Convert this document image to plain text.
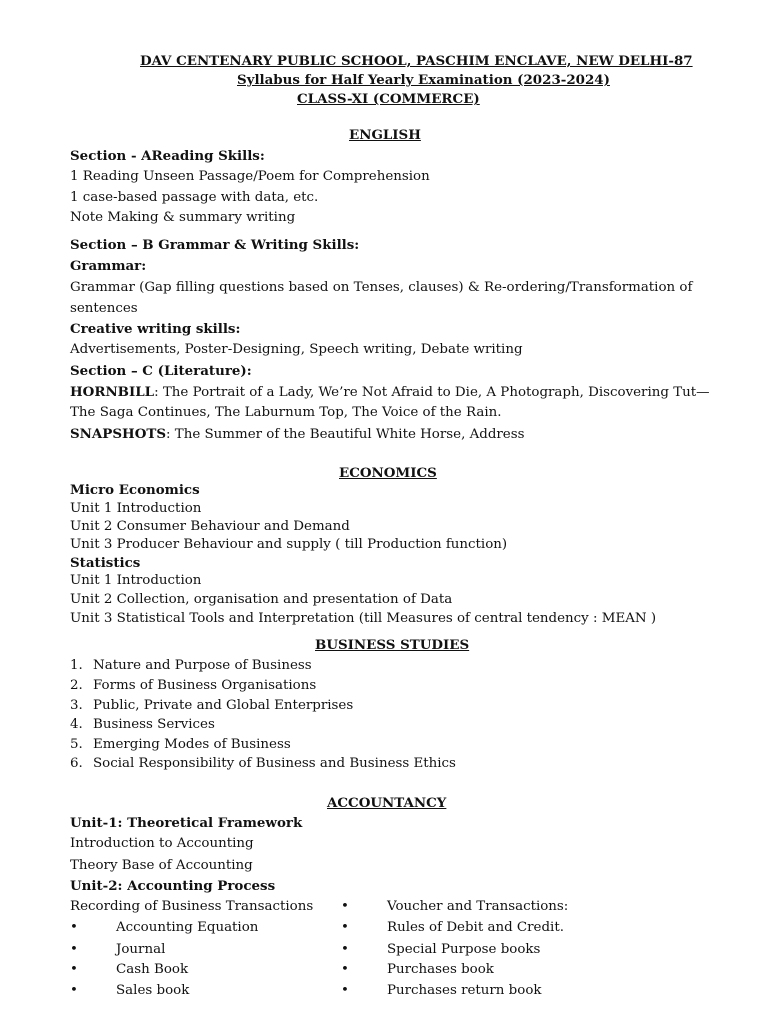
DAV CENTENARY PUBLIC SCHOOL, PASCHIM ENCLAVE, NEW DELHI-87
Syllabus for Half Yearly Examination (2023-2024)
CLASS-XI (COMMERCE)
ENGLISH
Section - AReading Skills:
1 Reading Unseen Passage/Poem for Comprehension
1 case-based passage with data, etc.
Note Making & summary writing
Section – B Grammar & Writing Skills:
Grammar:
Grammar (Gap filling questions based on Tenses, clauses) & Re-ordering/Transformation of
sentences
Creative writing skills:
Advertisements, Poster-Designing, Speech writing, Debate writing
Section – C (Literature):
HORNBILL: The Portrait of a Lady, We’re Not Afraid to Die, A Photograph, Discovering Tut—
The Saga Continues, The Laburnum Top, The Voice of the Rain.
SNAPSHOTS: The Summer of the Beautiful White Horse, Address
ECONOMICS
Micro Economics
Unit 1 Introduction
Unit 2 Consumer Behaviour and Demand
Unit 3 Producer Behaviour and supply ( till Production function)
Statistics
Unit 1 Introduction
Unit 2 Collection, organisation and presentation of Data
Unit 3 Statistical Tools and Interpretation (till Measures of central tendency : MEAN )
BUSINESS STUDIES
1. Nature and Purpose of Business
2. Forms of Business Organisations
3. Public, Private and Global Enterprises
4. Business Services
5. Emerging Modes of Business
6. Social Responsibility of Business and Business Ethics
ACCOUNTANCY
Unit-1: Theoretical Framework
Introduction to Accounting
Theory Base of Accounting
Unit-2: Accounting Process
Recording of Business Transactions
•	Accounting Equation
•	Journal
•	Cash Book
•	Sales book
•	Voucher and Transactions:
•	Rules of Debit and Credit.
•	Special Purpose books
•	Purchases book
•	Purchases return book
